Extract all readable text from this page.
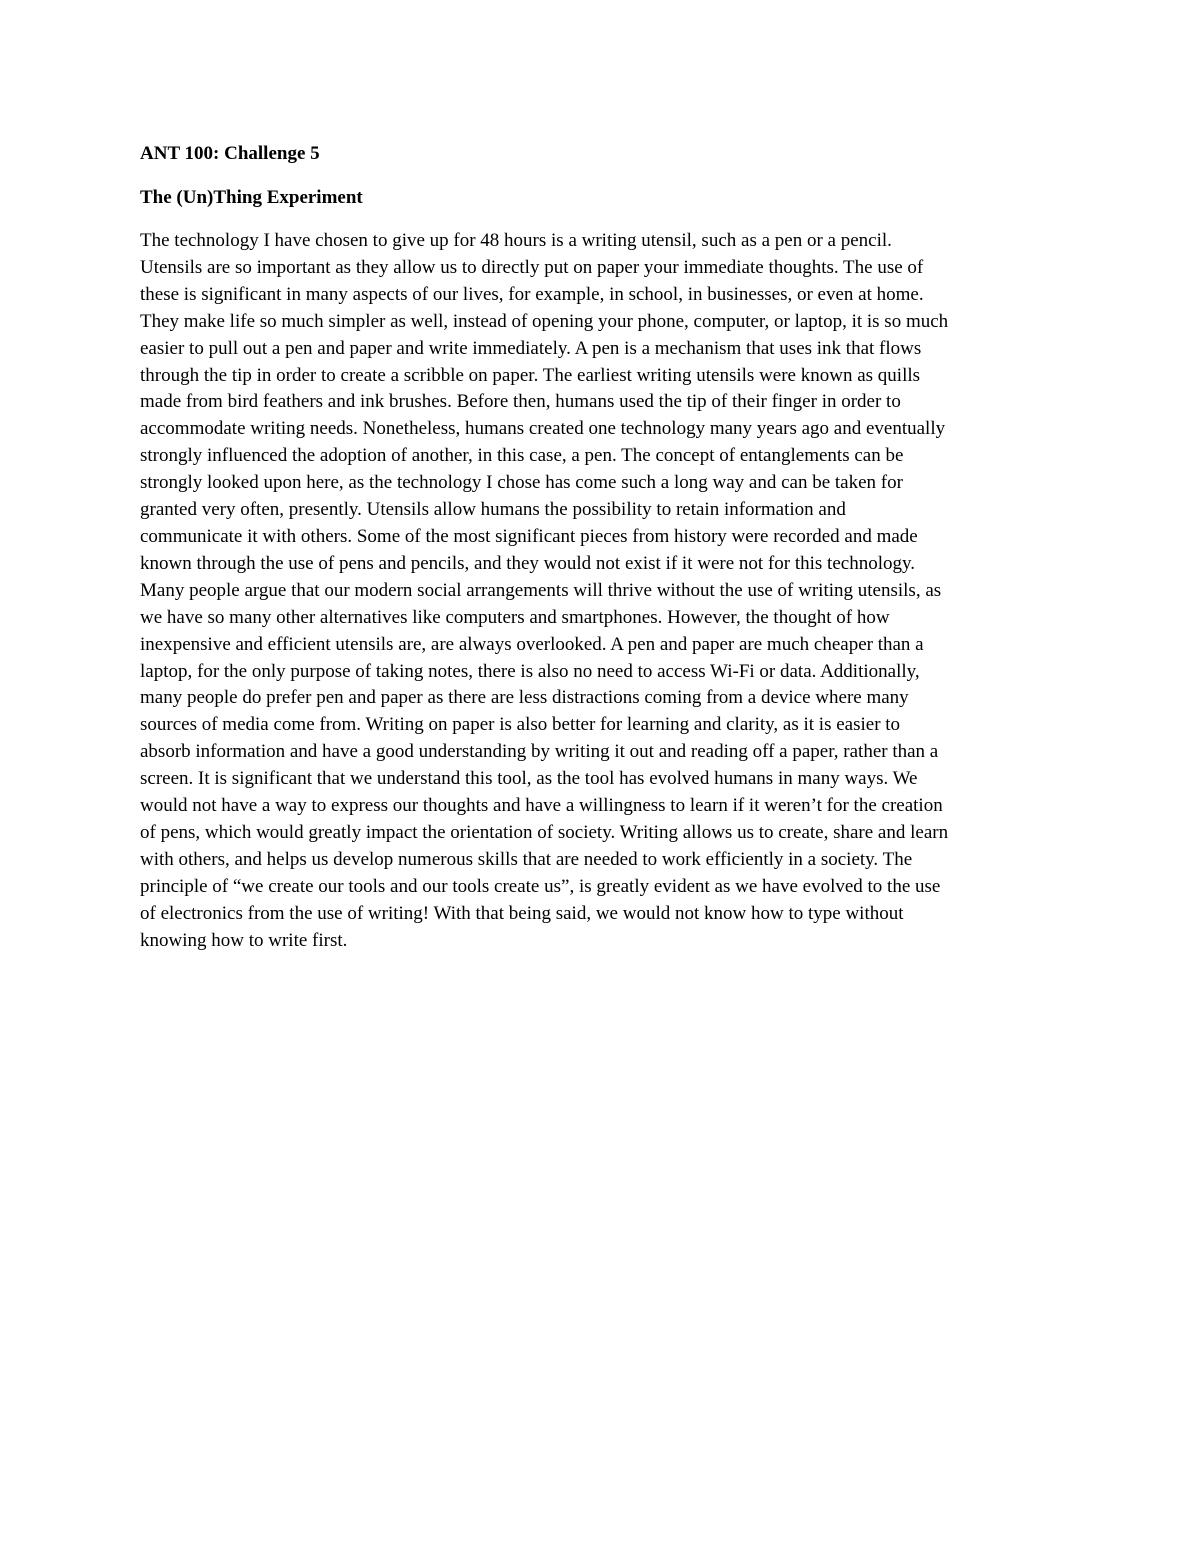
ANT 100: Challenge 5
The (Un)Thing Experiment
The technology I have chosen to give up for 48 hours is a writing utensil, such as a pen or a pencil.
Utensils are so important as they allow us to directly put on paper your immediate thoughts. The use of
these is significant in many aspects of our lives, for example, in school, in businesses, or even at home.
They make life so much simpler as well, instead of opening your phone, computer, or laptop, it is so much
easier to pull out a pen and paper and write immediately. A pen is a mechanism that uses ink that flows
through the tip in order to create a scribble on paper. The earliest writing utensils were known as quills
made from bird feathers and ink brushes. Before then, humans used the tip of their finger in order to
accommodate writing needs. Nonetheless, humans created one technology many years ago and eventually
strongly influenced the adoption of another, in this case, a pen. The concept of entanglements can be
strongly looked upon here, as the technology I chose has come such a long way and can be taken for
granted very often, presently. Utensils allow humans the possibility to retain information and
communicate it with others. Some of the most significant pieces from history were recorded and made
known through the use of pens and pencils, and they would not exist if it were not for this technology.
Many people argue that our modern social arrangements will thrive without the use of writing utensils, as
we have so many other alternatives like computers and smartphones. However, the thought of how
inexpensive and efficient utensils are, are always overlooked. A pen and paper are much cheaper than a
laptop, for the only purpose of taking notes, there is also no need to access Wi-Fi or data. Additionally,
many people do prefer pen and paper as there are less distractions coming from a device where many
sources of media come from. Writing on paper is also better for learning and clarity, as it is easier to
absorb information and have a good understanding by writing it out and reading off a paper, rather than a
screen. It is significant that we understand this tool, as the tool has evolved humans in many ways. We
would not have a way to express our thoughts and have a willingness to learn if it weren’t for the creation
of pens, which would greatly impact the orientation of society. Writing allows us to create, share and learn
with others, and helps us develop numerous skills that are needed to work efficiently in a society. The
principle of “we create our tools and our tools create us”, is greatly evident as we have evolved to the use
of electronics from the use of writing! With that being said, we would not know how to type without
knowing how to write first.
